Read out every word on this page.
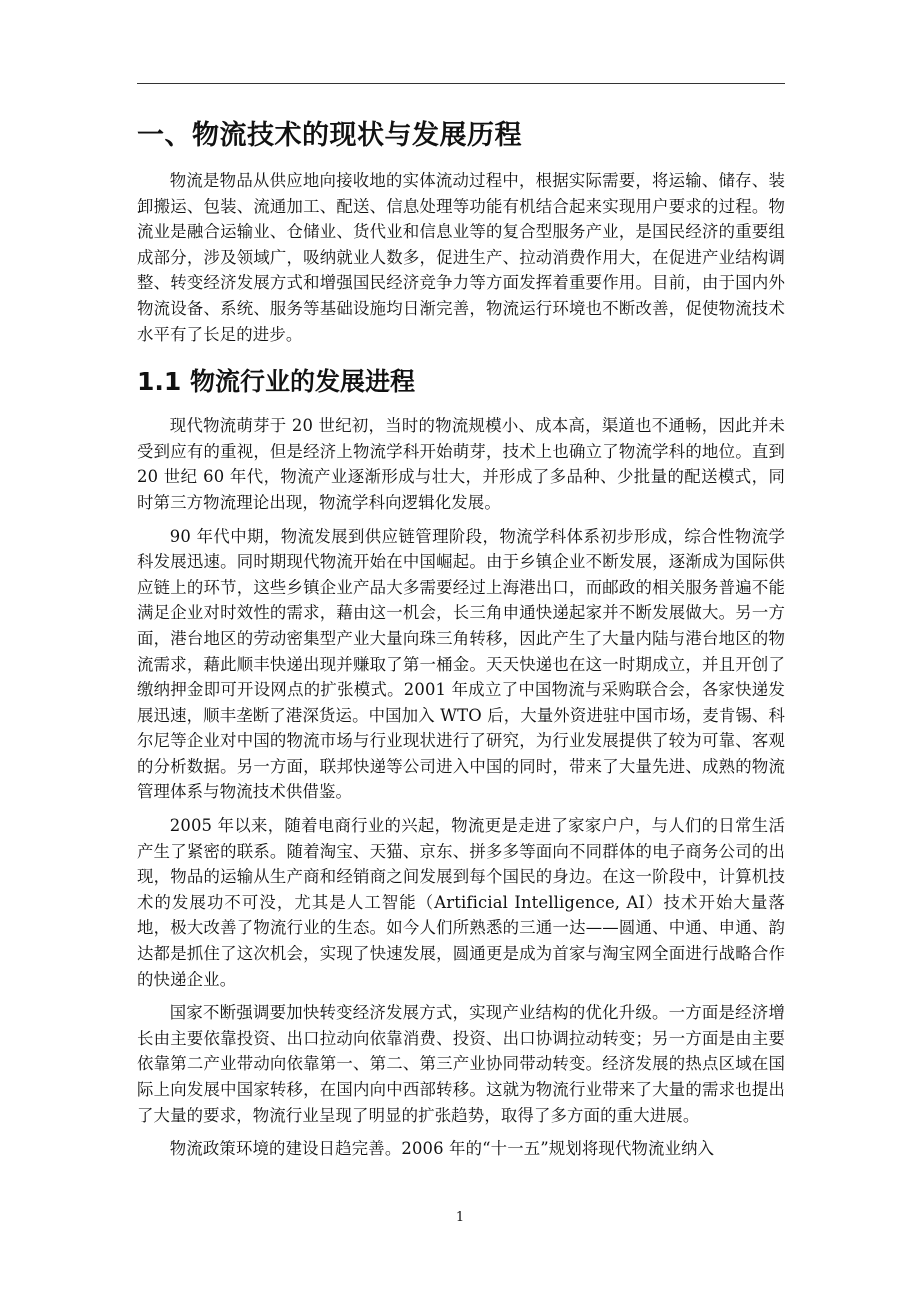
一、物流技术的现状与发展历程

物流是物品从供应地向接收地的实体流动过程中，根据实际需要，将运输、储存、装卸搬运、包装、流通加工、配送、信息处理等功能有机结合起来实现用户要求的过程。物流业是融合运输业、仓储业、货代业和信息业等的复合型服务产业，是国民经济的重要组成部分，涉及领域广，吸纳就业人数多，促进生产、拉动消费作用大，在促进产业结构调整、转变经济发展方式和增强国民经济竞争力等方面发挥着重要作用。目前，由于国内外物流设备、系统、服务等基础设施均日渐完善，物流运行环境也不断改善，促使物流技术水平有了长足的进步。

1.1 物流行业的发展进程

现代物流萌芽于 20 世纪初，当时的物流规模小、成本高，渠道也不通畅，因此并未受到应有的重视，但是经济上物流学科开始萌芽，技术上也确立了物流学科的地位。直到 20 世纪 60 年代，物流产业逐渐形成与壮大，并形成了多品种、少批量的配送模式，同时第三方物流理论出现，物流学科向逻辑化发展。

90 年代中期，物流发展到供应链管理阶段，物流学科体系初步形成，综合性物流学科发展迅速。同时期现代物流开始在中国崛起。由于乡镇企业不断发展，逐渐成为国际供应链上的环节，这些乡镇企业产品大多需要经过上海港出口，而邮政的相关服务普遍不能满足企业对时效性的需求，藉由这一机会，长三角申通快递起家并不断发展做大。另一方面，港台地区的劳动密集型产业大量向珠三角转移，因此产生了大量内陆与港台地区的物流需求，藉此顺丰快递出现并赚取了第一桶金。天天快递也在这一时期成立，并且开创了缴纳押金即可开设网点的扩张模式。2001 年成立了中国物流与采购联合会，各家快递发展迅速，顺丰垄断了港深货运。中国加入 WTO 后，大量外资进驻中国市场，麦肯锡、科尔尼等企业对中国的物流市场与行业现状进行了研究，为行业发展提供了较为可靠、客观的分析数据。另一方面，联邦快递等公司进入中国的同时，带来了大量先进、成熟的物流管理体系与物流技术供借鉴。

2005 年以来，随着电商行业的兴起，物流更是走进了家家户户，与人们的日常生活产生了紧密的联系。随着淘宝、天猫、京东、拼多多等面向不同群体的电子商务公司的出现，物品的运输从生产商和经销商之间发展到每个国民的身边。在这一阶段中，计算机技术的发展功不可没，尤其是人工智能（Artificial Intelligence, AI）技术开始大量落地，极大改善了物流行业的生态。如今人们所熟悉的三通一达——圆通、中通、申通、韵达都是抓住了这次机会，实现了快速发展，圆通更是成为首家与淘宝网全面进行战略合作的快递企业。

国家不断强调要加快转变经济发展方式，实现产业结构的优化升级。一方面是经济增长由主要依靠投资、出口拉动向依靠消费、投资、出口协调拉动转变；另一方面是由主要依靠第二产业带动向依靠第一、第二、第三产业协同带动转变。经济发展的热点区域在国际上向发展中国家转移，在国内向中西部转移。这就为物流行业带来了大量的需求也提出了大量的要求，物流行业呈现了明显的扩张趋势，取得了多方面的重大进展。

物流政策环境的建设日趋完善。2006 年的“十一五”规划将现代物流业纳入

1
